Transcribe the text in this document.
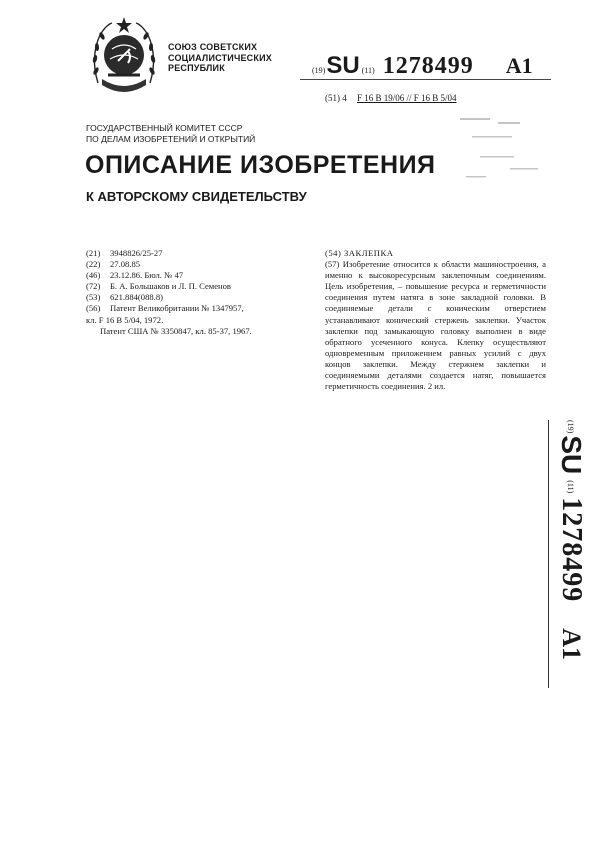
СОЮЗ СОВЕТСКИХ
СОЦИАЛИСТИЧЕСКИХ
РЕСПУБЛИК	(19) SU (11) 1278499 A1
(51) 4 F 16 B 19/06 // F 16 B 5/04
ГОСУДАРСТВЕННЫЙ КОМИТЕТ СССР
ПО ДЕЛАМ ИЗОБРЕТЕНИЙ И ОТКРЫТИЙ
ОПИСАНИЕ ИЗОБРЕТЕНИЯ
К АВТОРСКОМУ СВИДЕТЕЛЬСТВУ
(21) 3948826/25-27
(22) 27.08.85
(46) 23.12.86. Бюл. № 47
(72) Б. А. Большаков и Л. П. Семенов
(53) 621.884(088.8)
(56) Патент Великобритании № 1347957,
кл. F 16 B 5/04, 1972.
Патент США № 3350847, кл. 85-37, 1967.
(54) ЗАКЛЕПКА

(57) Изобретение относится к области машиностроения, а именно к высокоресурсным заклепочным соединениям. Цель изобретения, – повышение ресурса и герметичности соединения путем натяга в зоне закладной головки. В соединяемые детали с коническим отверстием устанавливают конический стержень заклепки. Участок заклепки под замыкающую головку выполнен в виде обратного усеченного конуса. Клепку осуществляют одновременным приложением равных усилий с двух концов заклепки. Между стержнем заклепки и соединяемыми деталями создается натяг, повышается герметичность соединения. 2 ил.

(19)
SU
(11)
1278499
A1
